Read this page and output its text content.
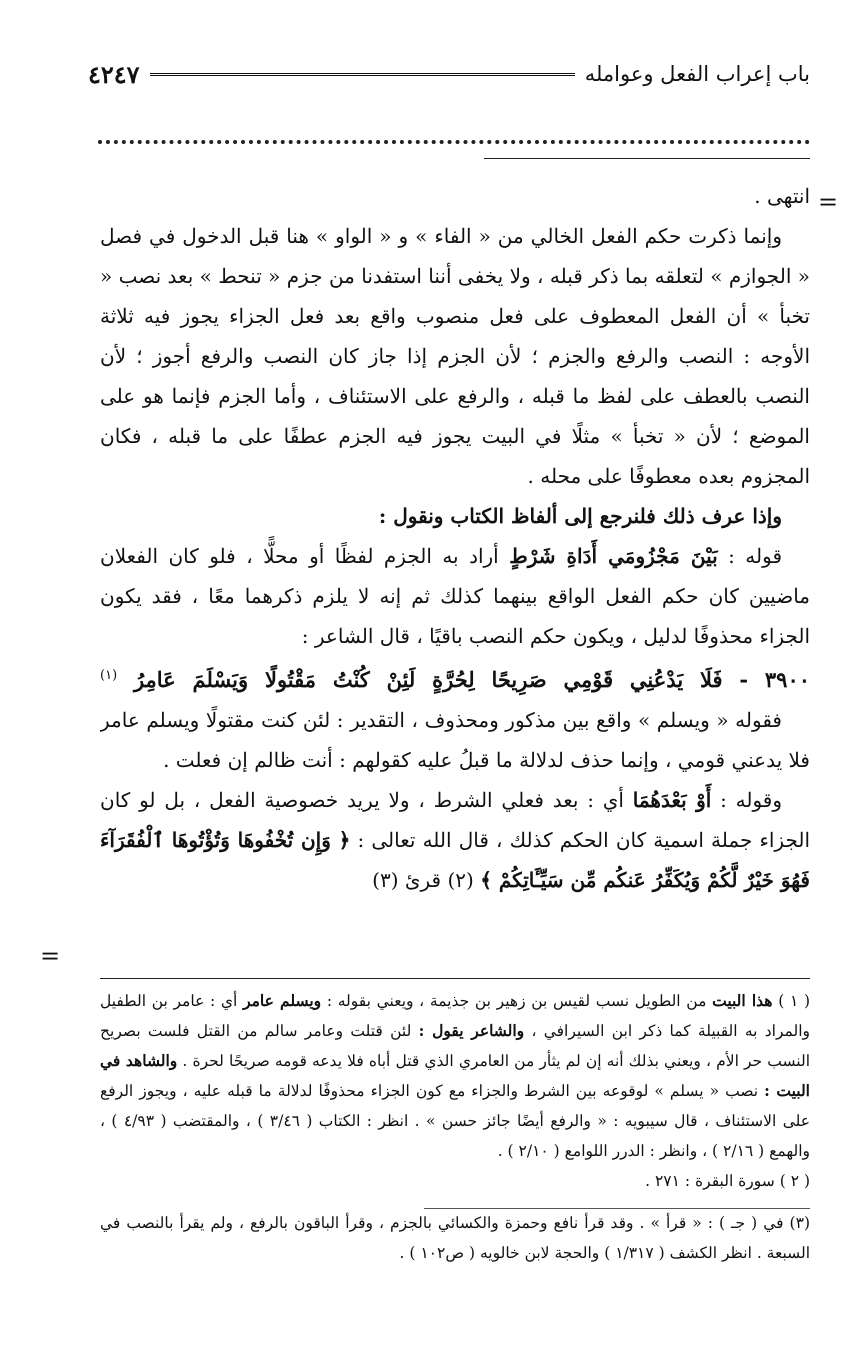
باب إعراب الفعل وعوامله
٤٢٤٧
=

انتهى .

وإنما ذكرت حكم الفعل الخالي من « الفاء » و « الواو » هنا قبل الدخول في فصل « الجوازم » لتعلقه بما ذكر قبله ، ولا يخفى أننا استفدنا من جزم « تنحط » بعد نصب « تخبأ » أن الفعل المعطوف على فعل منصوب واقع بعد فعل الجزاء يجوز فيه ثلاثة الأوجه : النصب والرفع والجزم ؛ لأن الجزم إذا جاز كان النصب والرفع أجوز ؛ لأن النصب بالعطف على لفظ ما قبله ، والرفع على الاستئناف ، وأما الجزم فإنما هو على الموضع ؛ لأن « تخبأ » مثلًا في البيت يجوز فيه الجزم عطفًا على ما قبله ، فكان المجزوم بعده معطوفًا على محله .

وإذا عرف ذلك فلنرجع إلى ألفاظ الكتاب ونقول :

قوله : بَيْنَ مَجْزُومَي أَدَاةِ شَرْطٍ أراد به الجزم لفظًا أو محلًّا ، فلو كان الفعلان ماضيين كان حكم الفعل الواقع بينهما كذلك ثم إنه لا يلزم ذكرهما معًا ، فقد يكون الجزاء محذوفًا لدليل ، ويكون حكم النصب باقيًا ، قال الشاعر :

٣٩٠٠ - فَلَا يَدْعُنِي قَوْمِي صَرِيحًا لِحُرَّةٍ لَئِنْ كُنْتُ مَقْتُولًا وَيَسْلَمَ عَامِرُ $^{(١)}$

فقوله « ويسلم » واقع بين مذكور ومحذوف ، التقدير : لئن كنت مقتولًا ويسلم عامر فلا يدعني قومي ، وإنما حذف لدلالة ما قبلُ عليه كقولهم : أنت ظالم إن فعلت .

وقوله : أَوْ بَعْدَهُمَا أي : بعد فعلي الشرط ، ولا يريد خصوصية الفعل ، بل لو كان الجزاء جملة اسمية كان الحكم كذلك ، قال الله تعالى : ﴿ وَإِن تُخْفُوهَا وَتُؤْتُوهَا ٱلْفُقَرَآءَ فَهُوَ خَيْرٌ لَّكُمْ وَيُكَفِّرُ عَنكُم مِّن سَيِّـَٔاتِكُمْ ﴾ (٢) قرئ (٣)

=

( ١ ) هذا البيت من الطويل نسب لقيس بن زهير بن جذيمة ، ويعني بقوله : ويسلم عامر أي : عامر بن الطفيل والمراد به القبيلة كما ذكر ابن السيرافي ، والشاعر يقول : لئن قتلت وعامر سالم من القتل فلست بصريح النسب حر الأم ، ويعني بذلك أنه إن لم يثأر من العامري الذي قتل أباه فلا يدعه قومه صريحًا لحرة . والشاهد في البيت : نصب « يسلم » لوقوعه بين الشرط والجزاء مع كون الجزاء محذوفًا لدلالة ما قبله عليه ، ويجوز الرفع على الاستئناف ، قال سيبويه : « والرفع أيضًا جائز حسن » . انظر : الكتاب ( ٣/٤٦ ) ، والمقتضب ( ٤/٩٣ ) ، والهمع ( ٢/١٦ ) ، وانظر : الدرر اللوامع ( ٢/١٠ ) .

( ٢ ) سورة البقرة : ٢٧١ .

(٣) في ( جـ ) : « قرأ » . وقد قرأ نافع وحمزة والكسائي بالجزم ، وقرأ الباقون بالرفع ، ولم يقرأ بالنصب في السبعة . انظر الكشف ( ١/٣١٧ ) والحجة لابن خالويه ( ص١٠٢ ) .
